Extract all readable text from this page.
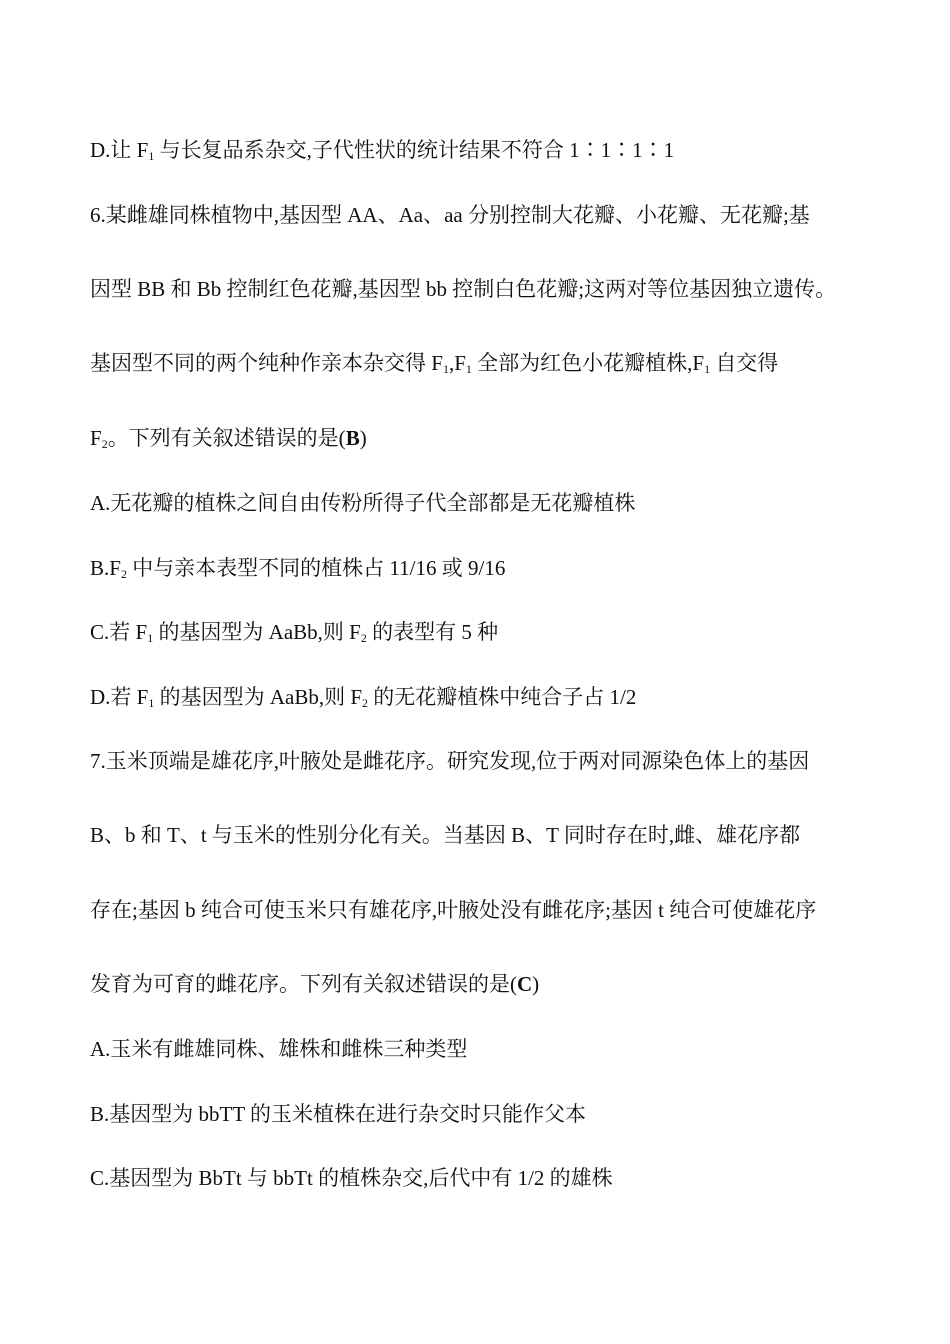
D.让 $F_1$ 与长复品系杂交,子代性状的统计结果不符合 1∶1∶1∶1
6.某雌雄同株植物中,基因型 AA、Aa、aa 分别控制大花瓣、小花瓣、无花瓣;基
因型 BB 和 Bb 控制红色花瓣,基因型 bb 控制白色花瓣;这两对等位基因独立遗传。
基因型不同的两个纯种作亲本杂交得 $F_1,F_1$ 全部为红色小花瓣植株$,F_1$ 自交得
$F_2$。下列有关叙述错误的是(B)
A.无花瓣的植株之间自由传粉所得子代全部都是无花瓣植株
$B.F_2$ 中与亲本表型不同的植株占 11/16 或 9/16
C.若 $F_1$ 的基因型为 AaBb,则 $F_2$ 的表型有 5 种
D.若 $F_1$ 的基因型为 AaBb,则 $F_2$ 的无花瓣植株中纯合子占 1/2
7.玉米顶端是雄花序,叶腋处是雌花序。研究发现,位于两对同源染色体上的基因
B、b 和 T、t 与玉米的性别分化有关。当基因 B、T 同时存在时,雌、雄花序都
存在;基因 b 纯合可使玉米只有雄花序,叶腋处没有雌花序;基因 t 纯合可使雄花序
发育为可育的雌花序。下列有关叙述错误的是(C)
A.玉米有雌雄同株、雄株和雌株三种类型
B.基因型为 bbTT 的玉米植株在进行杂交时只能作父本
C.基因型为 BbTt 与 bbTt 的植株杂交,后代中有 1/2 的雄株
